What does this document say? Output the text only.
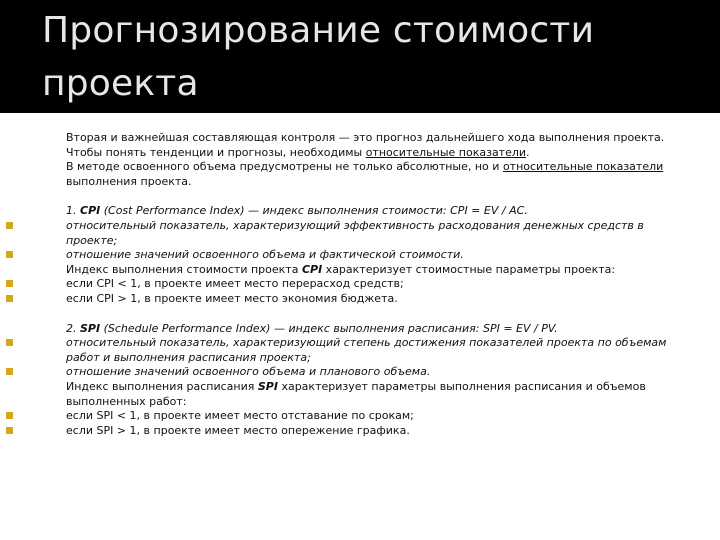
Прогнозирование стоимости проекта

Вторая и важнейшая составляющая контроля — это прогноз дальнейшего хода выполнения проекта. Чтобы понять тенденции и прогнозы, необходимы относительные показатели.

В методе освоенного объема предусмотрены не только абсолютные, но и относительные показатели выполнения проекта.

1. CPI (Cost Performance Index) — индекс выполнения стоимости: CPI = EV / AC.

относительный показатель, характеризующий эффективность расходования денежных средств в проекте;

отношение значений освоенного объема и фактической стоимости.

Индекс выполнения стоимости проекта CPI характеризует стоимостные параметры проекта:

если CPI < 1, в проекте имеет место перерасход средств;

если CPI > 1, в проекте имеет место экономия бюджета.

2. SPI (Schedule Performance Index) — индекс выполнения расписания: SPI = EV / PV.

относительный показатель, характеризующий степень достижения показателей проекта по объемам работ и выполнения расписания проекта;

отношение значений освоенного объема и планового объема.

Индекс выполнения расписания SPI характеризует параметры выполнения расписания и объемов выполненных работ:

если SPI < 1, в проекте имеет место отставание по срокам;

если SPI > 1, в проекте имеет место опережение графика.
